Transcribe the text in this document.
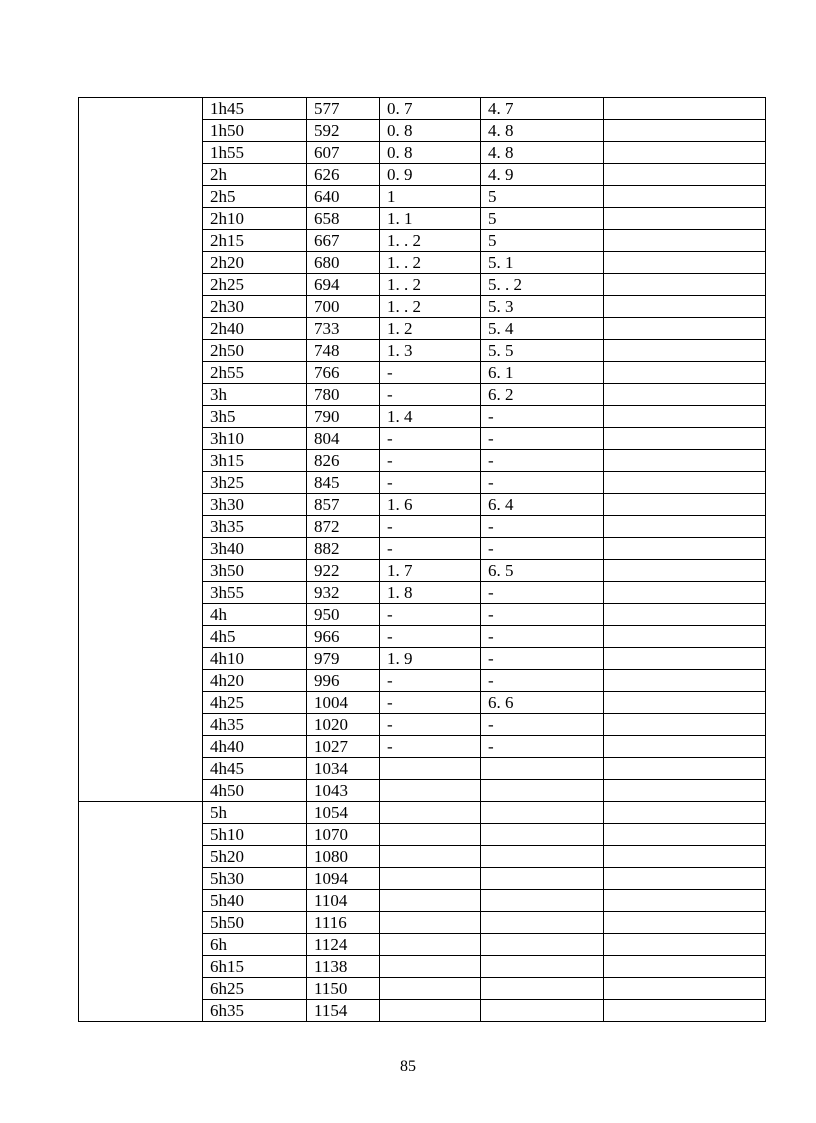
	1h45	577	0. 7	4. 7	
	1h50	592	0. 8	4. 8	
	1h55	607	0. 8	4. 8	
	2h	626	0. 9	4. 9	
	2h5	640	1	5	
	2h10	658	1. 1	5	
	2h15	667	1. . 2	5	
	2h20	680	1. . 2	5. 1	
	2h25	694	1. . 2	5. . 2	
	2h30	700	1. . 2	5. 3	
	2h40	733	1. 2	5. 4	
	2h50	748	1. 3	5. 5	
	2h55	766	-	6. 1	
	3h	780	-	6. 2	
	3h5	790	1. 4	-	
	3h10	804	-	-	
	3h15	826	-	-	
	3h25	845	-	-	
	3h30	857	1. 6	6. 4	
	3h35	872	-	-	
	3h40	882	-	-	
	3h50	922	1. 7	6. 5	
	3h55	932	1. 8	-	
	4h	950	-	-	
	4h5	966	-	-	
	4h10	979	1. 9	-	
	4h20	996	-	-	
	4h25	1004	-	6. 6	
	4h35	1020	-	-	
	4h40	1027	-	-	
	4h45	1034			
	4h50	1043			
	5h	1054			
	5h10	1070			
	5h20	1080			
	5h30	1094			
	5h40	1104			
	5h50	1116			
	6h	1124			
	6h15	1138			
	6h25	1150			
	6h35	1154			
85
